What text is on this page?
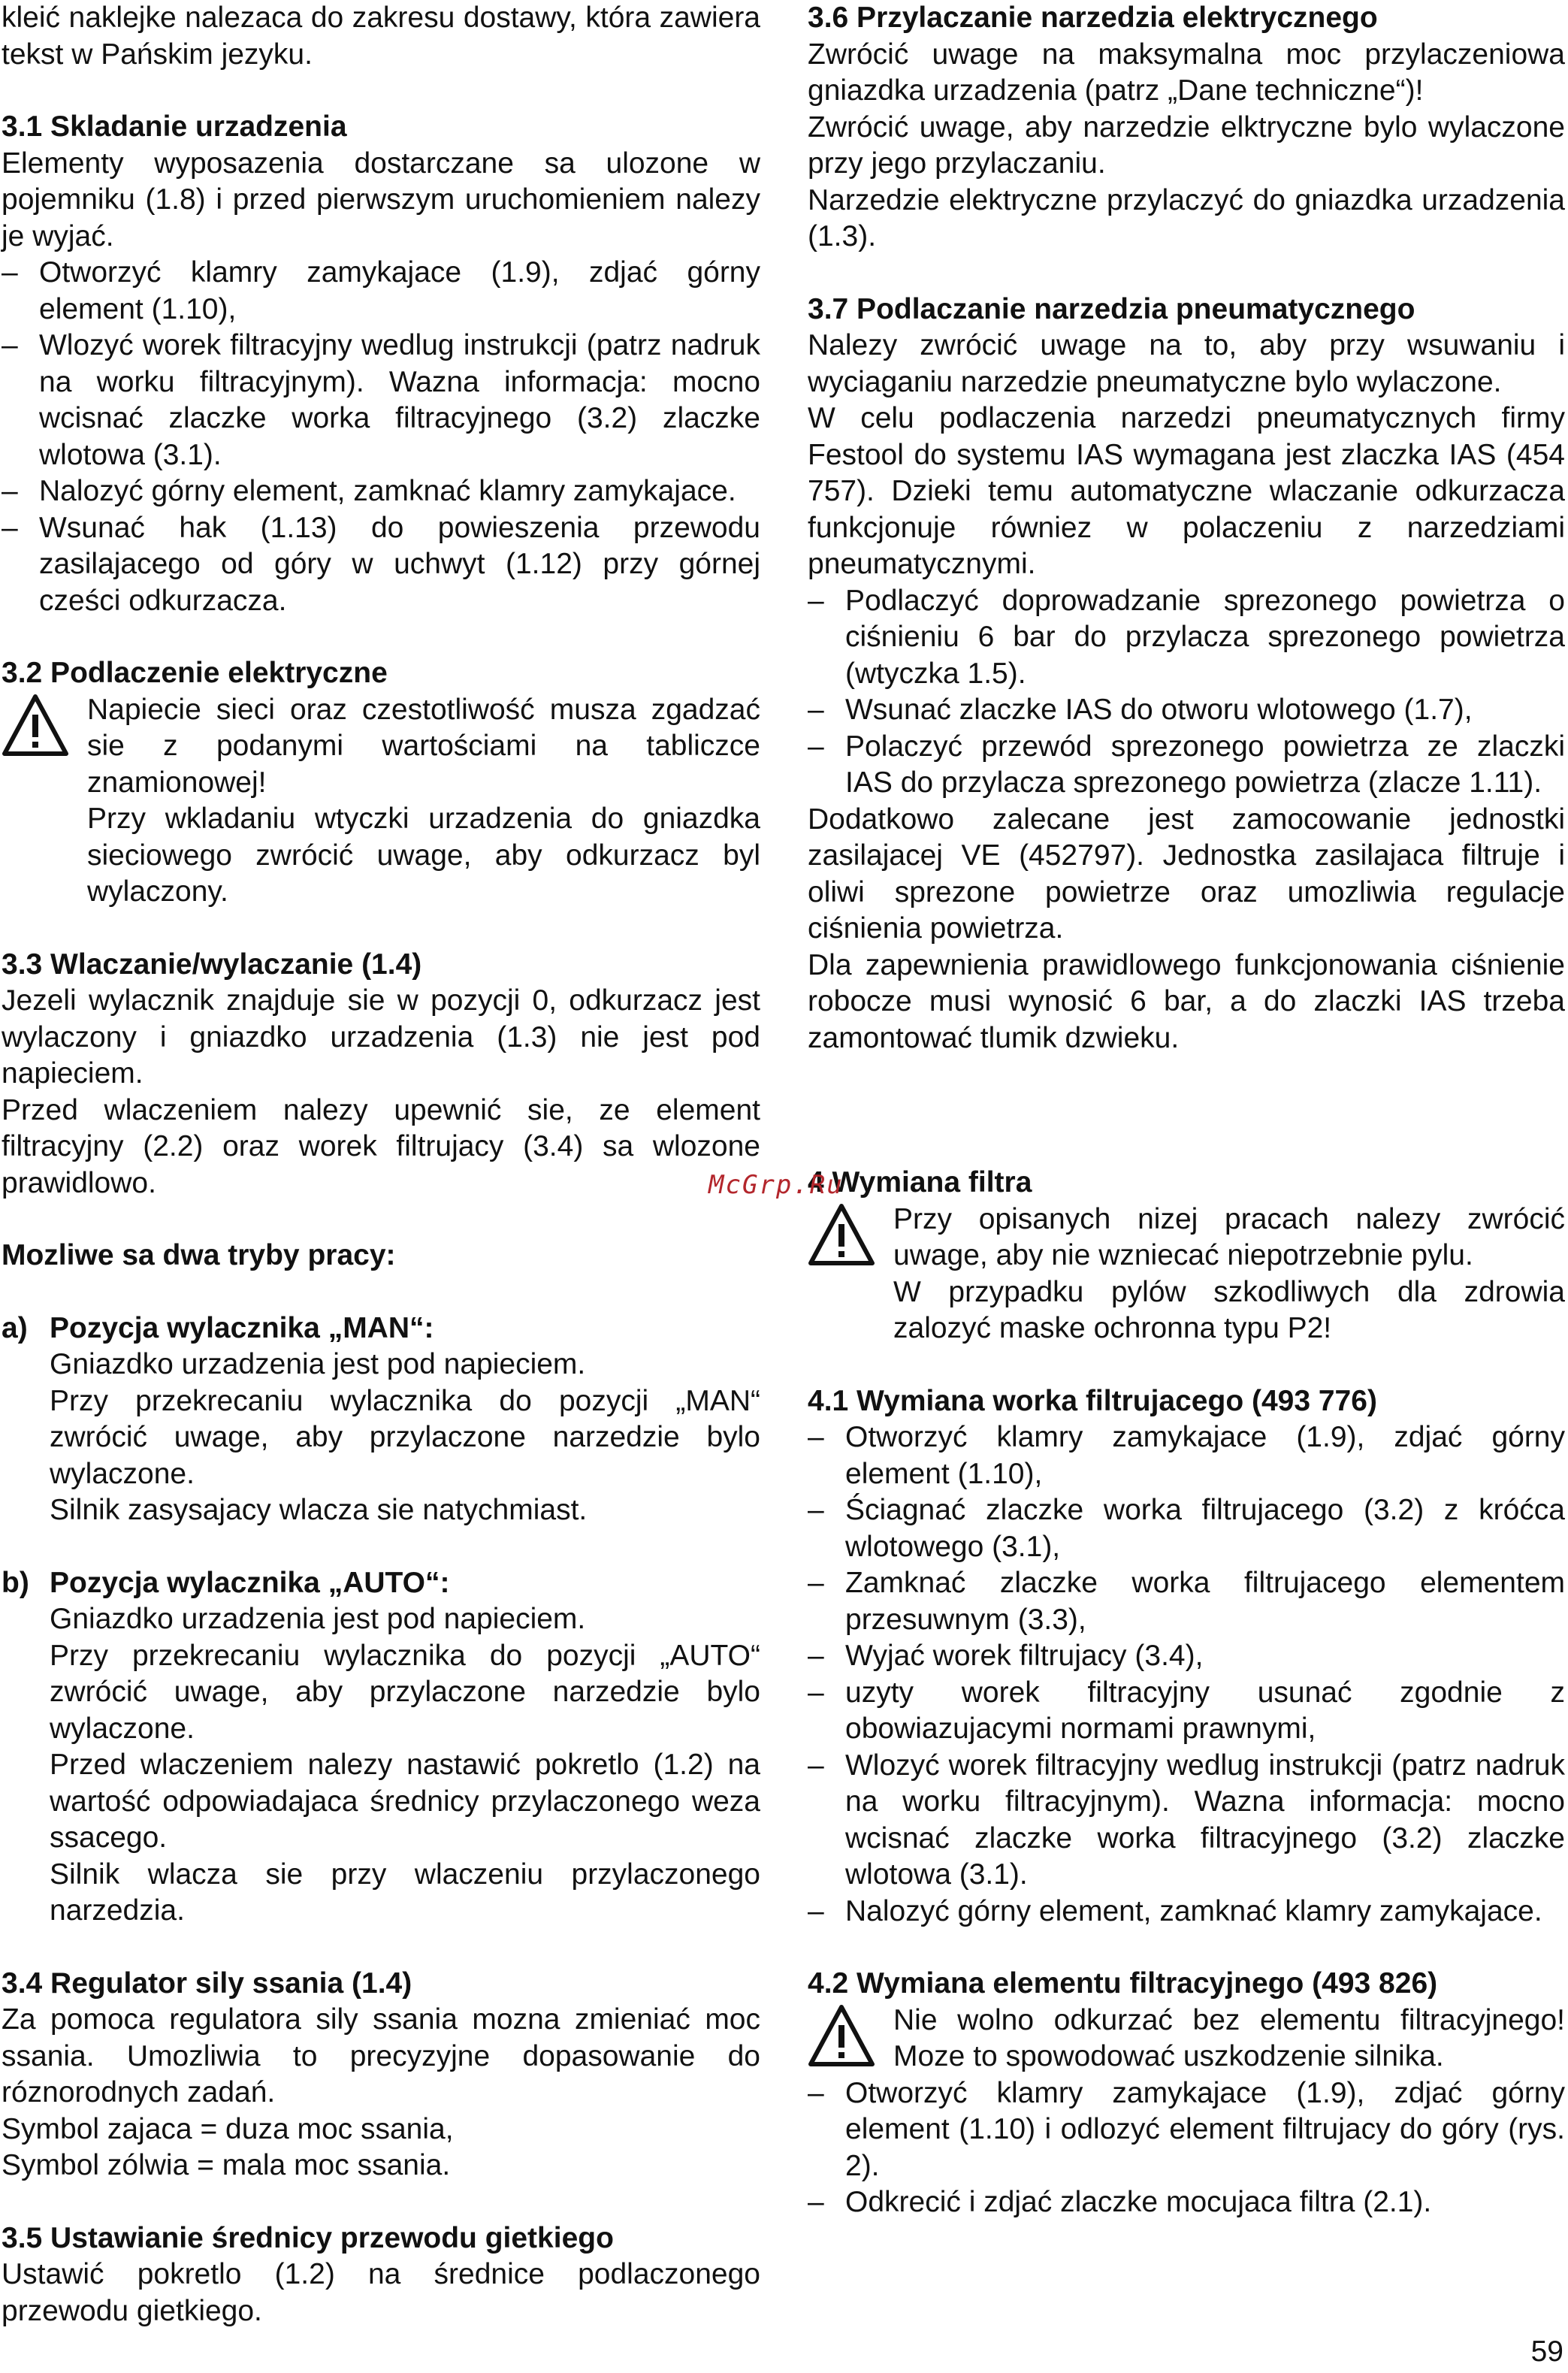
kleić naklejke nalezaca do zakresu dostawy, która zawiera tekst w Pańskim jezyku.

3.1 Skladanie urzadzenia

Elementy wyposazenia dostarczane sa ulozone w pojemniku (1.8) i przed pierwszym uruchomieniem nalezy je wyjać.

– Otworzyć klamry zamykajace (1.9), zdjać górny element (1.10),
– Wlozyć worek filtracyjny wedlug instrukcji (patrz nadruk na worku filtracyjnym). Wazna informacja: mocno wcisnać zlaczke worka filtracyjnego (3.2) zlaczke wlotowa (3.1).
– Nalozyć górny element, zamknać klamry zamykajace.
– Wsunać hak (1.13) do powieszenia przewodu zasilajacego od góry w uchwyt (1.12) przy górnej cześci odkurzacza.
3.2 Podlaczenie elektryczne

Napiecie sieci oraz czestotliwość musza zgadzać sie z podanymi wartościami na tabliczce znamionowej!

Przy wkladaniu wtyczki urzadzenia do gniazdka sieciowego zwrócić uwage, aby odkurzacz byl wylaczony.

3.3 Wlaczanie/wylaczanie (1.4)

Jezeli wylacznik znajduje sie w pozycji 0, odkurzacz jest wylaczony i gniazdko urzadzenia (1.3) nie jest pod napieciem.

Przed wlaczeniem nalezy upewnić sie, ze element filtracyjny (2.2) oraz worek filtrujacy (3.4) sa wlozone prawidlowo.

Mozliwe sa dwa tryby pracy:
a) Pozycja wylacznika „MAN“:

Gniazdko urzadzenia jest pod napieciem.

Przy przekrecaniu wylacznika do pozycji „MAN“ zwrócić uwage, aby przylaczone narzedzie bylo wylaczone.

Silnik zasysajacy wlacza sie natychmiast.

b) Pozycja wylacznika „AUTO“:

Gniazdko urzadzenia jest pod napieciem.

Przy przekrecaniu wylacznika do pozycji „AUTO“ zwrócić uwage, aby przylaczone narzedzie bylo wylaczone.

Przed wlaczeniem nalezy nastawić pokretlo (1.2) na wartość odpowiadajaca średnicy przylaczonego weza ssacego.

Silnik wlacza sie przy wlaczeniu przylaczonego narzedzia.

3.4 Regulator sily ssania (1.4)

Za pomoca regulatora sily ssania mozna zmieniać moc ssania. Umozliwia to precyzyjne dopasowanie do róznorodnych zadań.

Symbol zajaca = duza moc ssania,

Symbol zólwia = mala moc ssania.

3.5 Ustawianie średnicy przewodu gietkiego

Ustawić pokretlo (1.2) na średnice podlaczonego przewodu gietkiego.

3.6 Przylaczanie narzedzia elektrycznego

Zwrócić uwage na maksymalna moc przylaczeniowa gniazdka urzadzenia (patrz „Dane techniczne“)!

Zwrócić uwage, aby narzedzie elktryczne bylo wylaczone przy jego przylaczaniu.

Narzedzie elektryczne przylaczyć do gniazdka urzadzenia (1.3).

3.7 Podlaczanie narzedzia pneumatycznego

Nalezy zwrócić uwage na to, aby przy wsuwaniu i wyciaganiu narzedzie pneumatyczne bylo wylaczone.

W celu podlaczenia narzedzi pneumatycznych firmy Festool do systemu IAS wymagana jest zlaczka IAS (454 757). Dzieki temu automatyczne wlaczanie odkurzacza funkcjonuje równiez w polaczeniu z narzedziami pneumatycznymi.

– Podlaczyć doprowadzanie sprezonego powietrza o ciśnieniu 6 bar do przylacza sprezonego powietrza (wtyczka 1.5).
– Wsunać zlaczke IAS do otworu wlotowego (1.7),
– Polaczyć przewód sprezonego powietrza ze zlaczki IAS do przylacza sprezonego powietrza (zlacze 1.11).

Dodatkowo zalecane jest zamocowanie jednostki zasilajacej VE (452797). Jednostka zasilajaca filtruje i oliwi sprezone powietrze oraz umozliwia regulacje ciśnienia powietrza.

Dla zapewnienia prawidlowego funkcjonowania ciśnienie robocze musi wynosić 6 bar, a do zlaczki IAS trzeba zamontować tlumik dzwieku.

4 Wymiana filtra

Przy opisanych nizej pracach nalezy zwrócić uwage, aby nie wzniecać niepotrzebnie pylu.

W przypadku pylów szkodliwych dla zdrowia zalozyć maske ochronna typu P2!

4.1 Wymiana worka filtrujacego (493 776)
– Otworzyć klamry zamykajace (1.9), zdjać górny element (1.10),
– Ściagnać zlaczke worka filtrujacego (3.2) z króćca wlotowego (3.1),
– Zamknać zlaczke worka filtrujacego elementem przesuwnym (3.3),
– Wyjać worek filtrujacy (3.4),
– uzyty worek filtracyjny usunać zgodnie z obowiazujacymi normami prawnymi,
– Wlozyć worek filtracyjny wedlug instrukcji (patrz nadruk na worku filtracyjnym). Wazna informacja: mocno wcisnać zlaczke worka filtracyjnego (3.2) zlaczke wlotowa (3.1).
– Nalozyć górny element, zamknać klamry zamykajace.
4.2 Wymiana elementu filtracyjnego (493 826)

Nie wolno odkurzać bez elementu filtracyjnego! Moze to spowodować uszkodzenie silnika.

– Otworzyć klamry zamykajace (1.9), zdjać górny element (1.10) i odlozyć element filtrujacy do góry (rys. 2).
– Odkrecić i zdjać zlaczke mocujaca filtra (2.1).
McGrp.Ru
59
